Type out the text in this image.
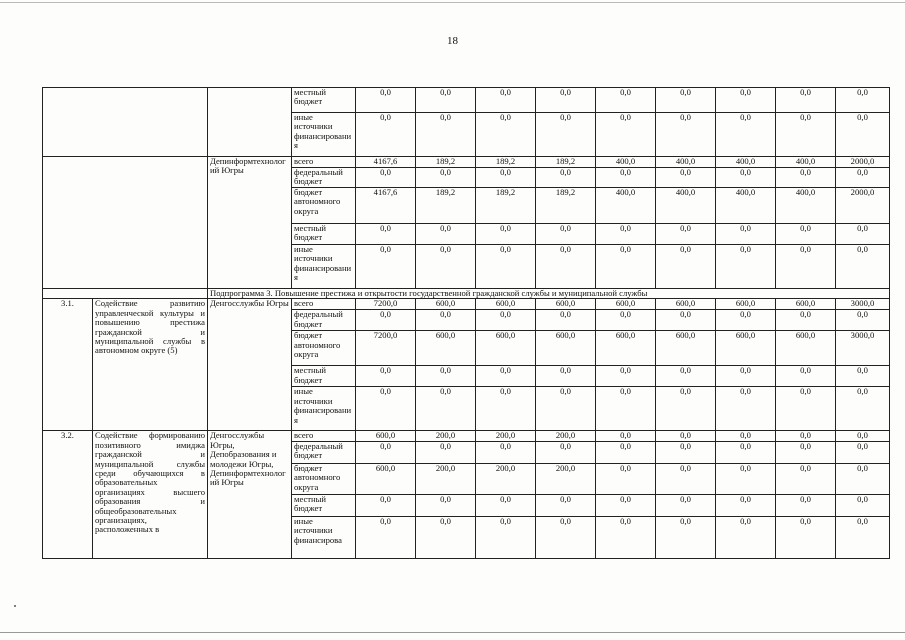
18
			местный бюджет	0,0	0,0	0,0	0,0	0,0	0,0	0,0	0,0	0,0
			иные источники финансирования	0,0	0,0	0,0	0,0	0,0	0,0	0,0	0,0	0,0
		Депинформтехнологий Югры	всего	4167,6	189,2	189,2	189,2	400,0	400,0	400,0	400,0	2000,0
			федеральный бюджет	0,0	0,0	0,0	0,0	0,0	0,0	0,0	0,0	0,0
			бюджет автономного округа	4167,6	189,2	189,2	189,2	400,0	400,0	400,0	400,0	2000,0
			местный бюджет	0,0	0,0	0,0	0,0	0,0	0,0	0,0	0,0	0,0
			иные источники финансирования	0,0	0,0	0,0	0,0	0,0	0,0	0,0	0,0	0,0
		Подпрограмма 3. Повышение престижа и открытости государственной гражданской службы и муниципальной службы										
3.1.	Содействие развитию управленческой культуры и повышению престижа гражданской и муниципальной службы в автономном округе (5)	Дeнгосслужбы Югры	всего	7200,0	600,0	600,0	600,0	600,0	600,0	600,0	600,0	3000,0
			федеральный бюджет	0,0	0,0	0,0	0,0	0,0	0,0	0,0	0,0	0,0
			бюджет автономного округа	7200,0	600,0	600,0	600,0	600,0	600,0	600,0	600,0	3000,0
			местный бюджет	0,0	0,0	0,0	0,0	0,0	0,0	0,0	0,0	0,0
			иные источники финансирования	0,0	0,0	0,0	0,0	0,0	0,0	0,0	0,0	0,0
3.2.	Содействие формированию позитивного имиджа гражданской и муниципальной службы среди обучающихся в образовательных организациях высшего образования и общеобразовательных организациях, расположенных в	Дeнгосслужбы Югры, Депобразования и молодежи Югры, Депинформтехнологий Югры	всего	600,0	200,0	200,0	200,0	0,0	0,0	0,0	0,0	0,0
			федеральный бюджет	0,0	0,0	0,0	0,0	0,0	0,0	0,0	0,0	0,0
			бюджет автономного округа	600,0	200,0	200,0	200,0	0,0	0,0	0,0	0,0	0,0
			местный бюджет	0,0	0,0	0,0	0,0	0,0	0,0	0,0	0,0	0,0
			иные источники финансирова	0,0	0,0	0,0	0,0	0,0	0,0	0,0	0,0	0,0
